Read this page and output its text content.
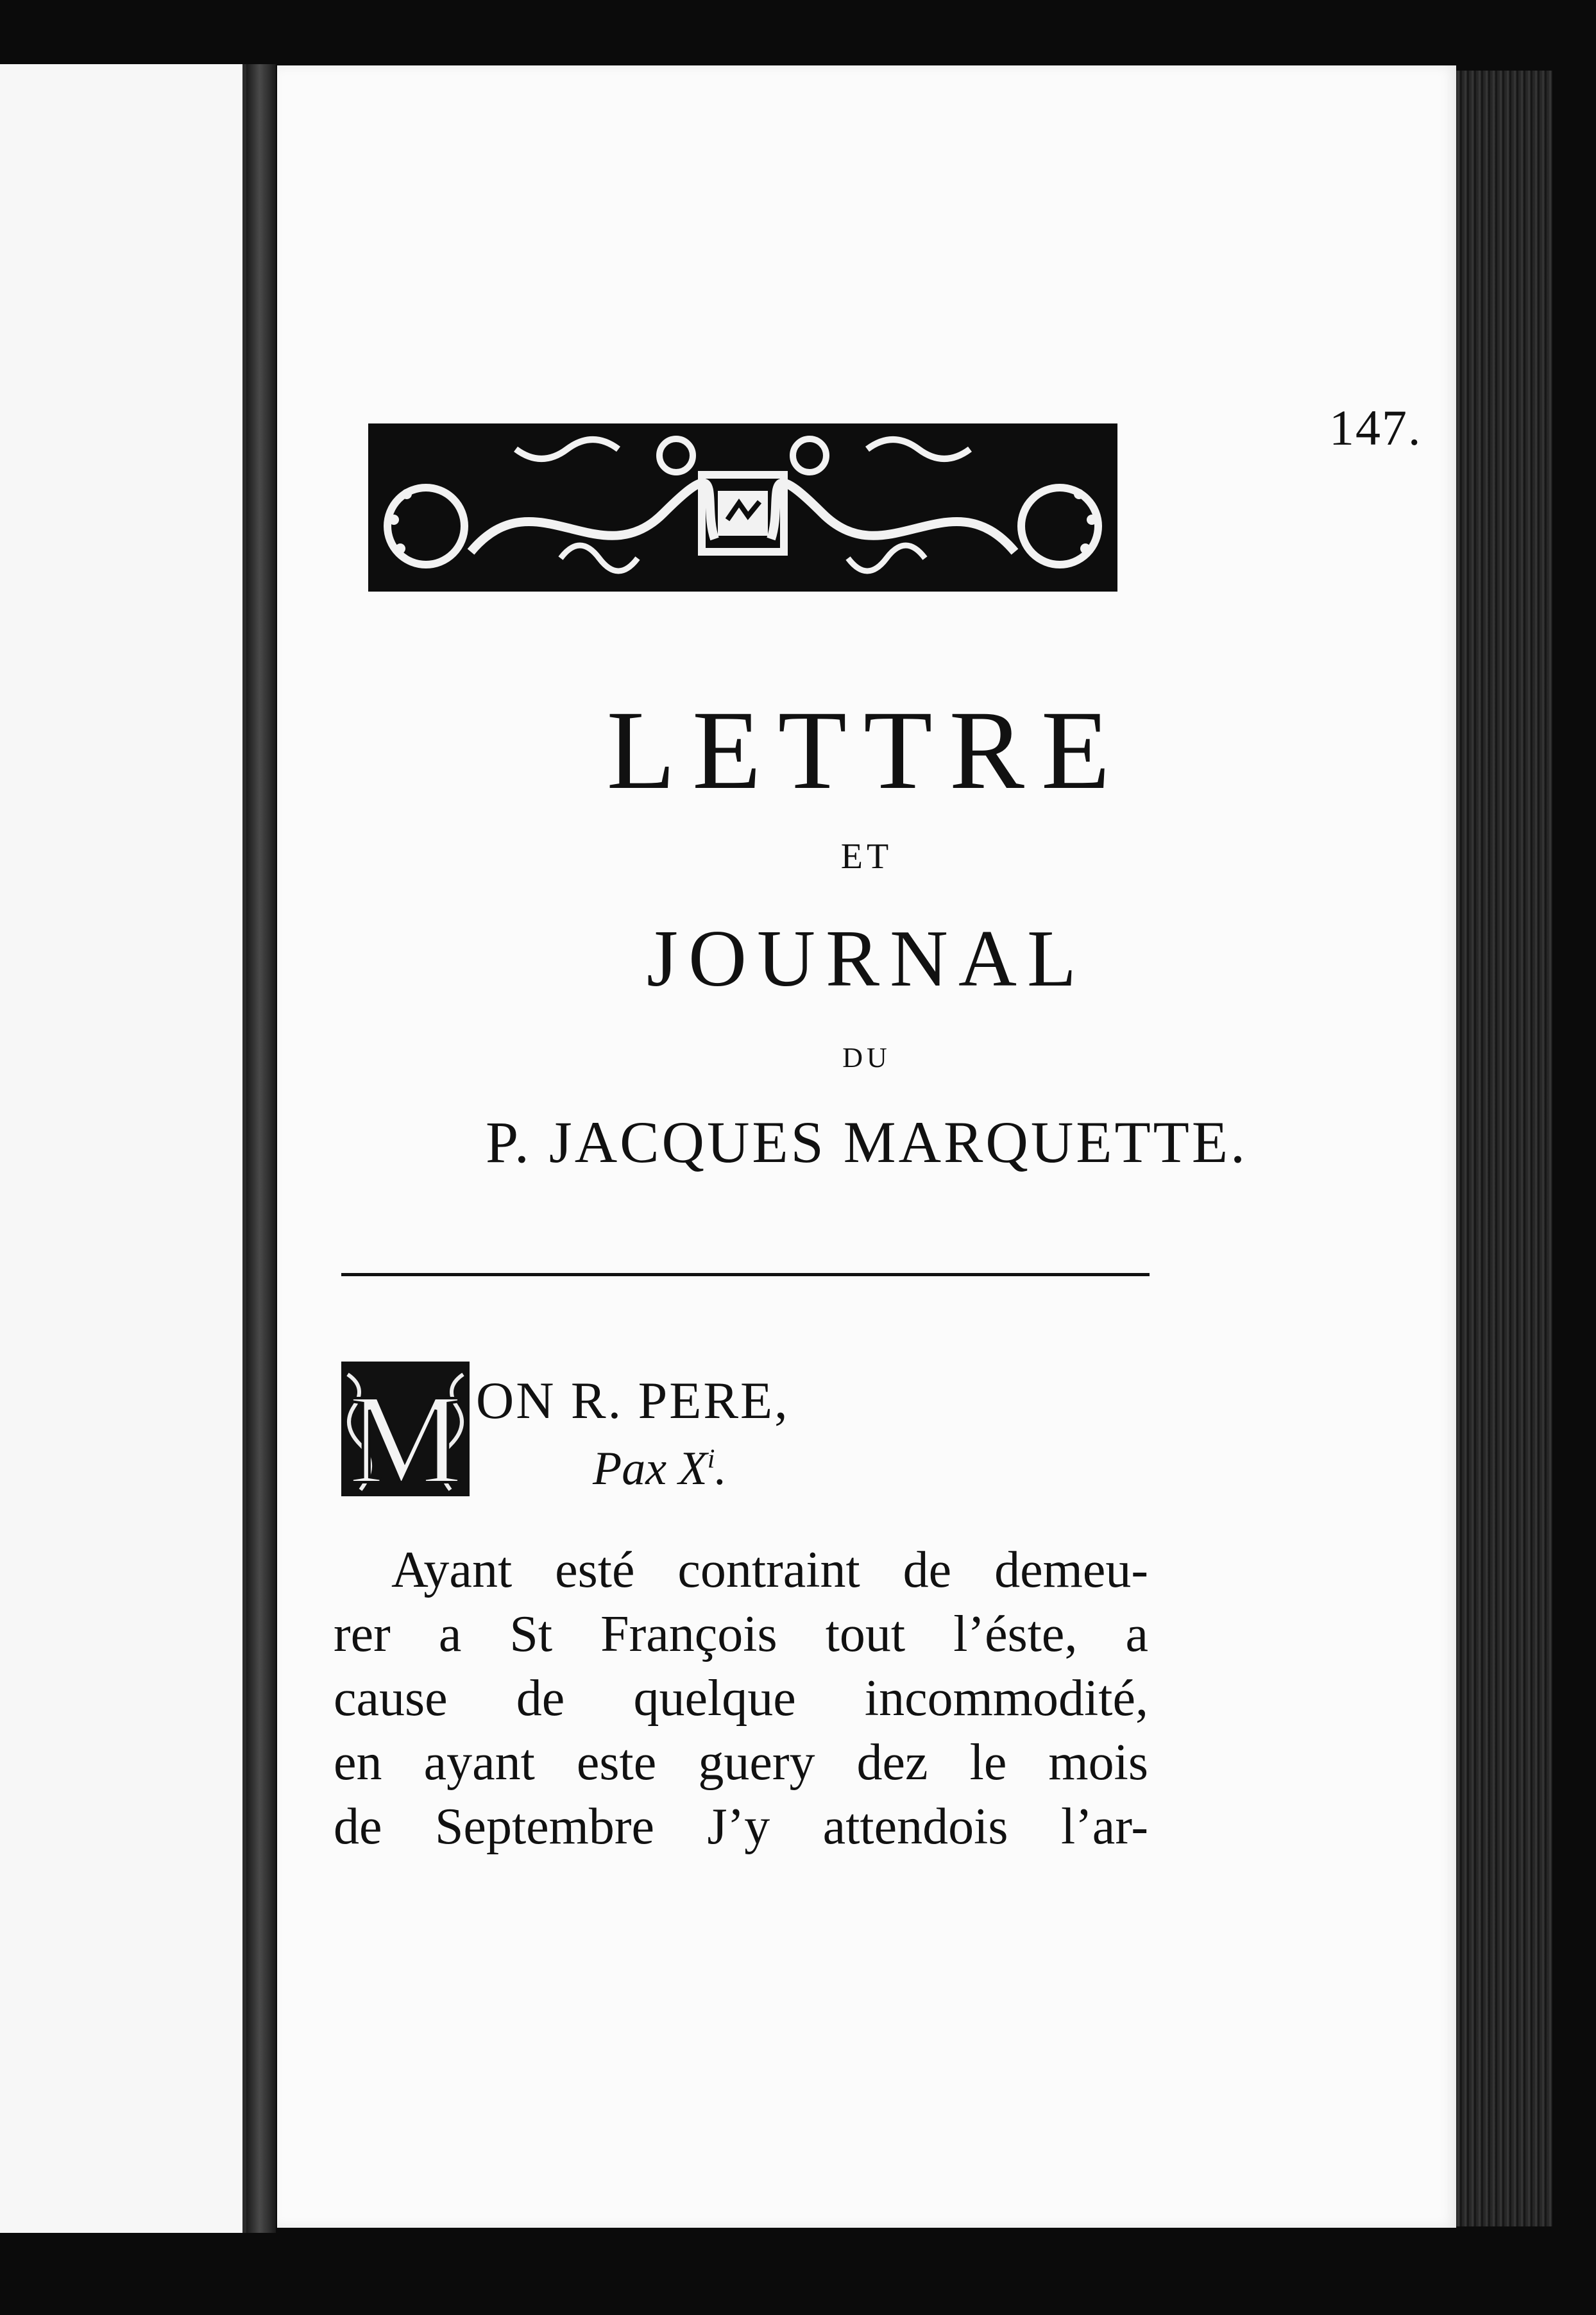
147.
LETTRE
ET
JOURNAL
DU
P. JACQUES MARQUETTE.
M ON R. PERE,
Pax $X^i$.
Ayant esté contraint de demeu-
rer a St François tout l’éste, a
cause de quelque incommodité,
en ayant este guery dez le mois
de Septembre J’y attendois l’ar-
